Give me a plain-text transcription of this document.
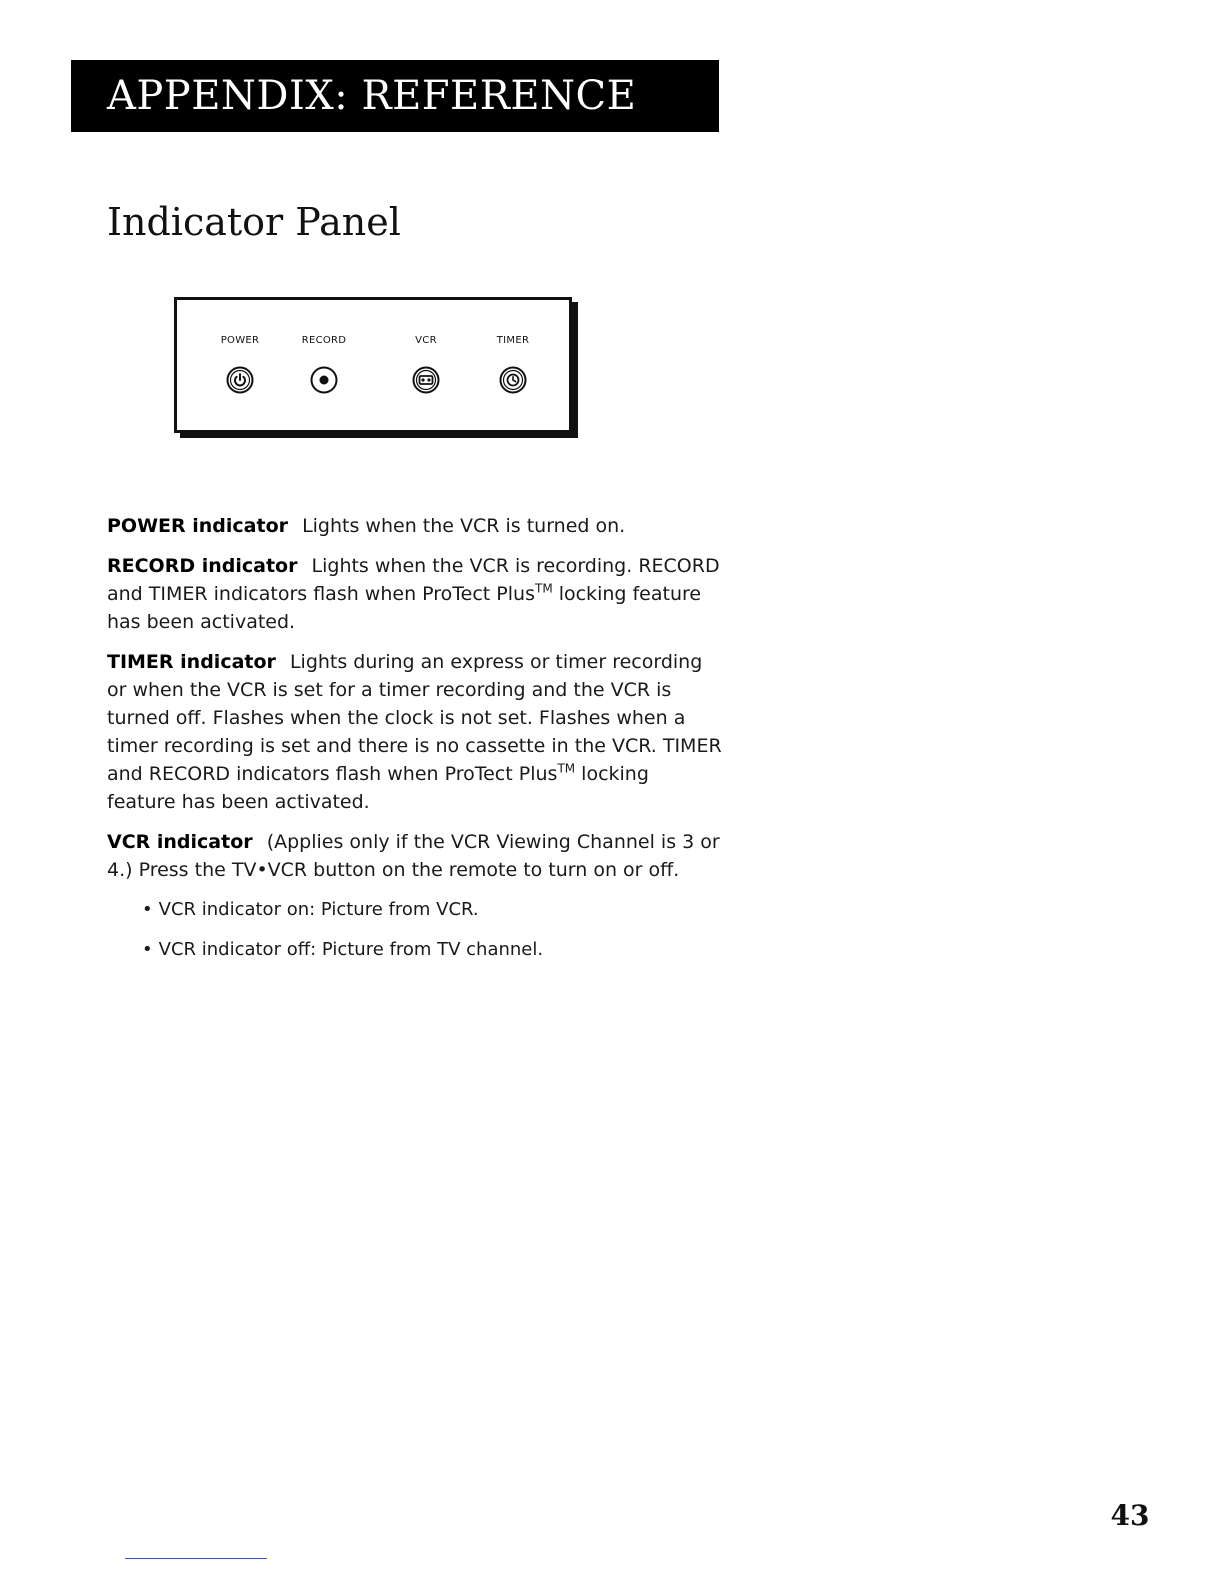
APPENDIX: REFERENCE
Indicator Panel
POWER	RECORD	VCR	TIMER

POWER indicator Lights when the VCR is turned on.

RECORD indicator Lights when the VCR is recording. RECORD and TIMER indicators flash when ProTect Plus™ locking feature has been activated.

TIMER indicator Lights during an express or timer recording or when the VCR is set for a timer recording and the VCR is turned off. Flashes when the clock is not set. Flashes when a timer recording is set and there is no cassette in the VCR. TIMER and RECORD indicators flash when ProTect Plus™ locking feature has been activated.

VCR indicator (Applies only if the VCR Viewing Channel is 3 or 4.) Press the TV•VCR button on the remote to turn on or off.

• VCR indicator on: Picture from VCR.
• VCR indicator off: Picture from TV channel.
43
